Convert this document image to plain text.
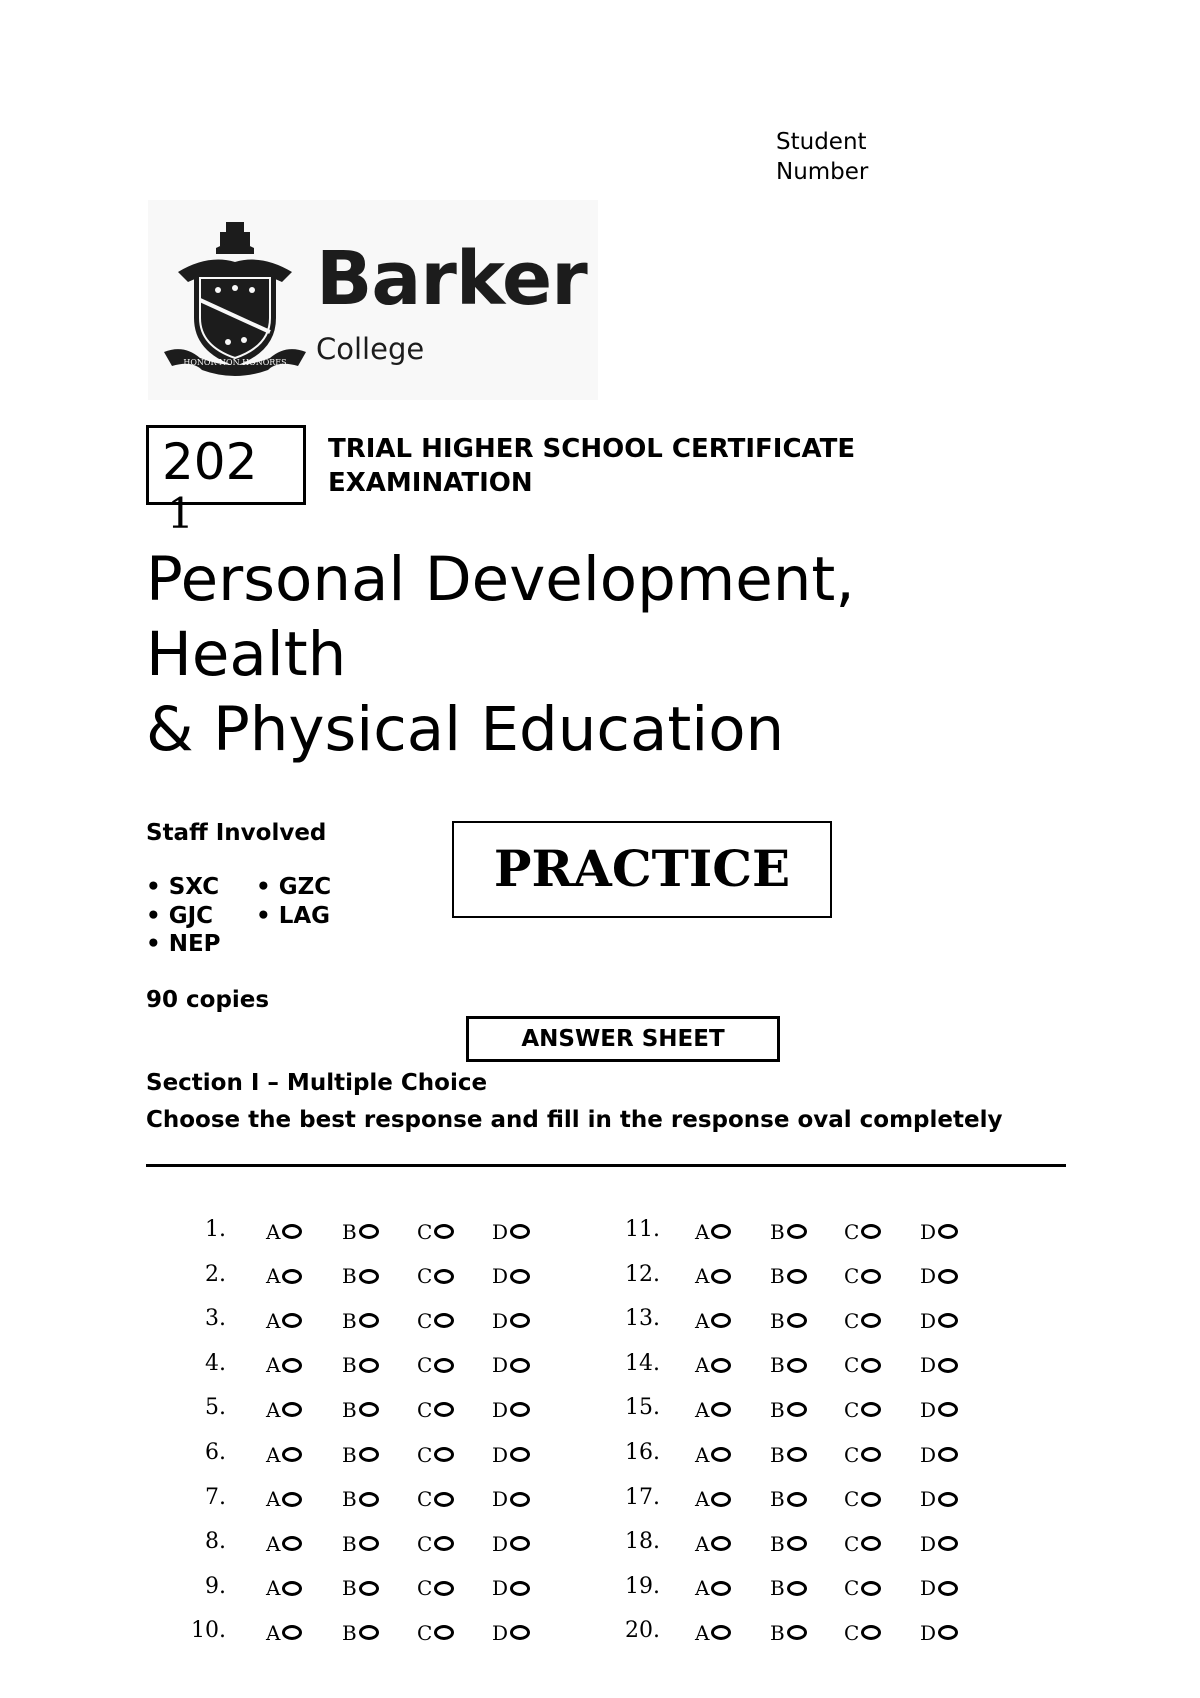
Student Number
HONOR NON HONORES
Barker
College
202
1
TRIAL HIGHER SCHOOL CERTIFICATE EXAMINATION
Personal Development,
Health
& Physical Education
Staff Involved
• SXC • GZC
• GJC • LAG
• NEP
PRACTICE
90 copies
ANSWER SHEET
Section I – Multiple Choice
Choose the best response and fill in the response oval completely
1. A	B	C	D
2. A	B	C	D
3. A	B	C	D
4. A	B	C	D
5. A	B	C	D
6. A	B	C	D
7. A	B	C	D
8. A	B	C	D
9. A	B	C	D
10. A	B	C	D
11. A	B	C	D
12. A	B	C	D
13. A	B	C	D
14. A	B	C	D
15. A	B	C	D
16. A	B	C	D
17. A	B	C	D
18. A	B	C	D
19. A	B	C	D
20. A	B	C	D
